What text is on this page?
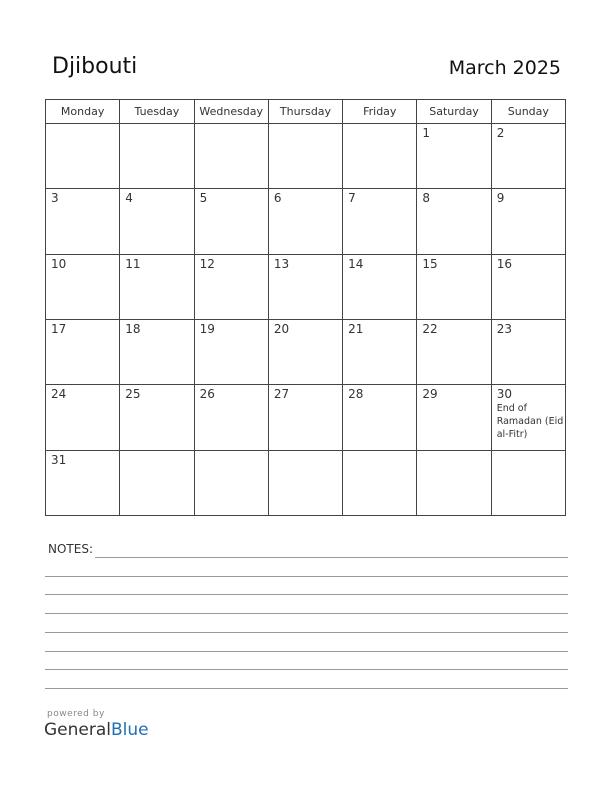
Djibouti	March 2025
Monday	Tuesday	Wednesday	Thursday	Friday	Saturday	Sunday

					1	2

3	4	5	6	7	8	9

10	11	12	13	14	15	16

17	18	19	20	21	22	23

24	25	26	27	28	29	30
End of Ramadan (Eid al-Fitr)

31						

NOTES:
powered by
GeneralBlue
